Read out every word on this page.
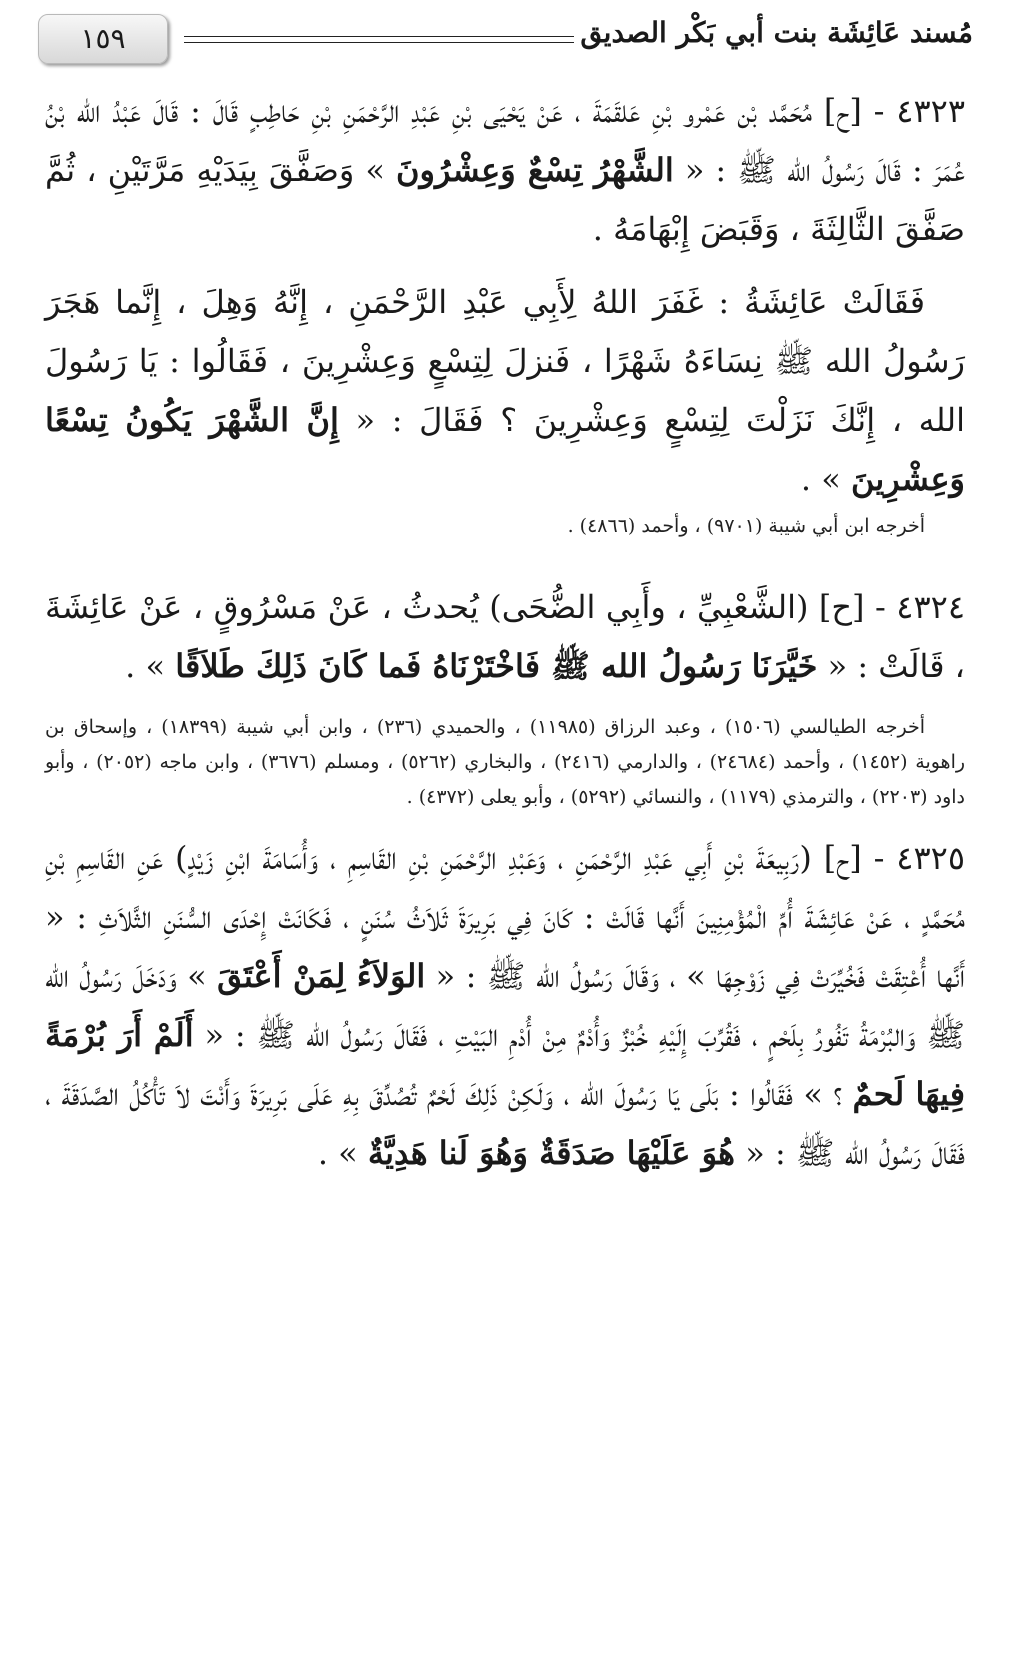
١٥٩	مُسند عَائِشَة بنت أبي بَكْر الصديق

٤٣٢٣ - [ح] مُحَمَّد بْن عَمْرو بْنِ عَلقَمَةَ ، عَنْ يَحْيَى بْنِ عَبْدِ الرَّحْمَنِ بْنِ حَاطِبٍ قَالَ : قَالَ عَبْدُ الله بْنُ عُمَرَ : قَالَ رَسُولُ الله ﷺ : « الشَّهْرُ تِسْعٌ وَعِشْرُونَ » وَصَفَّقَ بِيَدَيْهِ مَرَّتَيْنِ ، ثُمَّ صَفَّقَ الثَّالِثَةَ ، وَقَبَضَ إِبْهَامَهُ .

فَقَالَتْ عَائِشَةُ : غَفَرَ اللهُ لِأَبِي عَبْدِ الرَّحْمَنِ ، إِنَّهُ وَهِلَ ، إِنَّما هَجَرَ رَسُولُ الله ﷺ نِسَاءَهُ شَهْرًا ، فَنزلَ لِتِسْعٍ وَعِشْرِينَ ، فَقَالُوا : يَا رَسُولَ الله ، إِنَّكَ نَزَلْتَ لِتِسْعٍ وَعِشْرِينَ ؟ فَقَالَ : « إِنَّ الشَّهْرَ يَكُونُ تِسْعًا وَعِشْرِينَ » .

أخرجه ابن أبي شيبة (٩٧٠١) ، وأحمد (٤٨٦٦) .

٤٣٢٤ - [ح] (الشَّعْبِيِّ ، وأَبِي الضُّحَى) يُحدثُ ، عَنْ مَسْرُوقٍ ، عَنْ عَائِشَةَ ، قَالَتْ : « خَيَّرَنَا رَسُولُ الله ﷺ فَاخْتَرْنَاهُ فَما كَانَ ذَلِكَ طَلاَقًا » .

أخرجه الطيالسي (١٥٠٦) ، وعبد الرزاق (١١٩٨٥) ، والحميدي (٢٣٦) ، وابن أبي شيبة (١٨٣٩٩) ، وإسحاق بن راهوية (١٤٥٢) ، وأحمد (٢٤٦٨٤) ، والدارمي (٢٤١٦) ، والبخاري (٥٢٦٢) ، ومسلم (٣٦٧٦) ، وابن ماجه (٢٠٥٢) ، وأبو داود (٢٢٠٣) ، والترمذي (١١٧٩) ، والنسائي (٥٢٩٢) ، وأبو يعلى (٤٣٧٢) .

٤٣٢٥ - [ح] (رَبِيعَةَ بْنِ أَبِي عَبْدِ الرَّحْمَنِ ، وَعَبْدِ الرَّحْمَنِ بْنِ القَاسِمِ ، وَأُسَامَةَ ابْنِ زَيْدٍ) عَنِ القَاسِمِ بْنِ مُحَمَّدٍ ، عَنْ عَائِشَةَ أُمِّ الْمُؤْمِنِينَ أَنَّها قَالَتْ : كَانَ فِي بَرِيرَةَ ثَلاَثُ سُنَنٍ ، فَكَانَتْ إِحْدَى السُّنَنِ الثَّلاَثِ : « أَنَّها أُعْتِقَتْ فَخُيِّرَتْ فِي زَوْجِهَا » ، وَقَالَ رَسُولُ الله ﷺ : « الوَلاَءُ لِمَنْ أَعْتَقَ » وَدَخَلَ رَسُولُ الله ﷺ وَالبُرْمَةُ تَفُورُ بِلَحْمٍ ، فَقُرِّبَ إِلَيْهِ خُبْزٌ وَأُدْمٌ مِنْ أُدْمِ البَيْتِ ، فَقَالَ رَسُولُ الله ﷺ : « أَلَمْ أَرَ بُرْمَةً فِيهَا لَحمٌ ؟ » فَقَالُوا : بَلَى يَا رَسُولَ الله ، وَلَكِنْ ذَلِكَ لَحْمٌ تُصُدِّقَ بِهِ عَلَى بَرِيرَةَ وَأَنْتَ لاَ تَأْكُلُ الصَّدَقَةَ ، فَقَالَ رَسُولُ الله ﷺ : « هُوَ عَلَيْهَا صَدَقَةٌ وَهُوَ لَنا هَدِيَّةٌ » .
